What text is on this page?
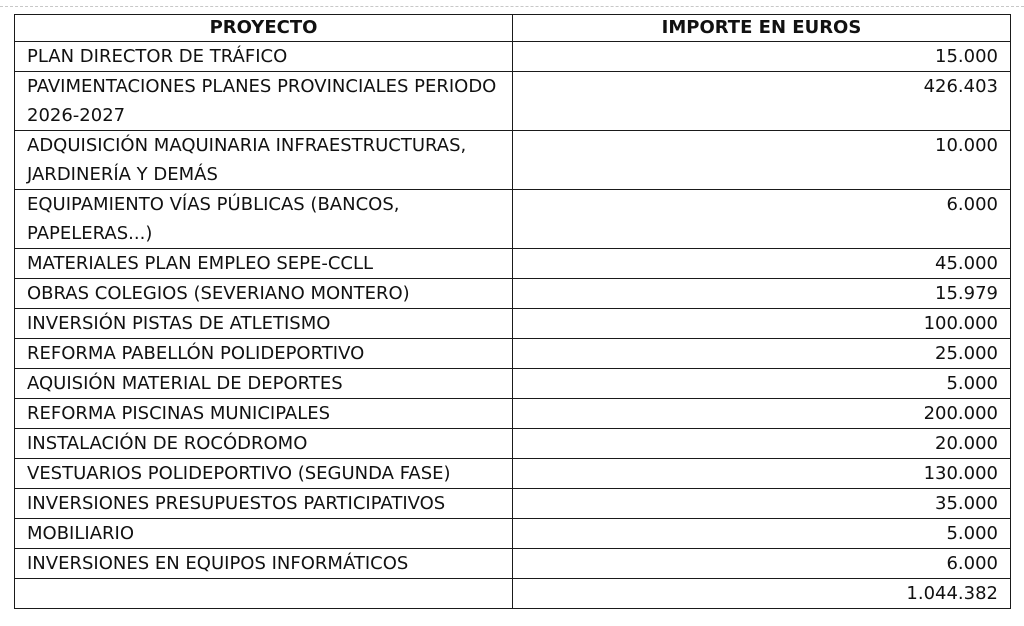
PROYECTO	IMPORTE EN EUROS
PLAN DIRECTOR DE TRÁFICO	15.000
PAVIMENTACIONES PLANES PROVINCIALES PERIODO 2026-2027	426.403
ADQUISICIÓN MAQUINARIA INFRAESTRUCTURAS, JARDINERÍA Y DEMÁS	10.000
EQUIPAMIENTO VÍAS PÚBLICAS (BANCOS, PAPELERAS...)	6.000
MATERIALES PLAN EMPLEO SEPE-CCLL	45.000
OBRAS COLEGIOS (SEVERIANO MONTERO)	15.979
INVERSIÓN PISTAS DE ATLETISMO	100.000
REFORMA PABELLÓN POLIDEPORTIVO	25.000
AQUISIÓN MATERIAL DE DEPORTES	5.000
REFORMA PISCINAS MUNICIPALES	200.000
INSTALACIÓN DE ROCÓDROMO	20.000
VESTUARIOS POLIDEPORTIVO (SEGUNDA FASE)	130.000
INVERSIONES PRESUPUESTOS PARTICIPATIVOS	35.000
MOBILIARIO	5.000
INVERSIONES EN EQUIPOS INFORMÁTICOS	6.000
	1.044.382
